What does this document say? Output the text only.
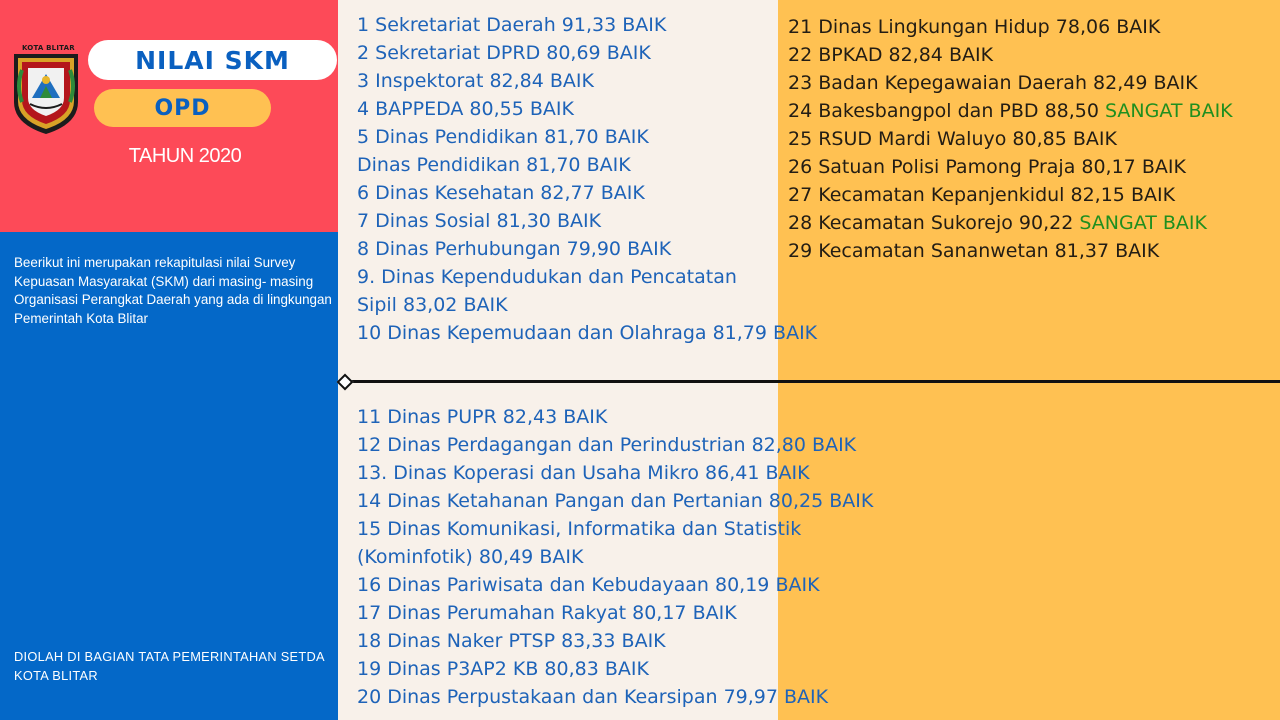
KOTA BLITAR NILAI SKM
OPD
TAHUN 2020
Beerikut ini merupakan rekapitulasi nilai Survey Kepuasan Masyarakat (SKM) dari masing- masing Organisasi Perangkat Daerah yang ada di lingkungan Pemerintah Kota Blitar
DIOLAH DI BAGIAN TATA PEMERINTAHAN SETDA KOTA BLITAR
1 Sekretariat Daerah 91,33 BAIK
2 Sekretariat DPRD 80,69 BAIK
3 Inspektorat 82,84 BAIK
4 BAPPEDA 80,55 BAIK
5 Dinas Pendidikan 81,70 BAIK
Dinas Pendidikan 81,70 BAIK
6 Dinas Kesehatan 82,77 BAIK
7 Dinas Sosial 81,30 BAIK
8 Dinas Perhubungan 79,90 BAIK
9. Dinas Kependudukan dan Pencatatan
Sipil 83,02 BAIK
10 Dinas Kepemudaan dan Olahraga 81,79 BAIK
11 Dinas PUPR 82,43 BAIK
12 Dinas Perdagangan dan Perindustrian 82,80 BAIK
13. Dinas Koperasi dan Usaha Mikro 86,41 BAIK
14 Dinas Ketahanan Pangan dan Pertanian 80,25 BAIK
15 Dinas Komunikasi, Informatika dan Statistik
(Kominfotik) 80,49 BAIK
16 Dinas Pariwisata dan Kebudayaan 80,19 BAIK
17 Dinas Perumahan Rakyat 80,17 BAIK
18 Dinas Naker PTSP 83,33 BAIK
19 Dinas P3AP2 KB 80,83 BAIK
20 Dinas Perpustakaan dan Kearsipan 79,97 BAIK
21 Dinas Lingkungan Hidup 78,06 BAIK
22 BPKAD 82,84 BAIK
23 Badan Kepegawaian Daerah 82,49 BAIK
24 Bakesbangpol dan PBD 88,50 SANGAT BAIK
25 RSUD Mardi Waluyo 80,85 BAIK
26 Satuan Polisi Pamong Praja 80,17 BAIK
27 Kecamatan Kepanjenkidul 82,15 BAIK
28 Kecamatan Sukorejo 90,22 SANGAT BAIK
29 Kecamatan Sananwetan 81,37 BAIK
